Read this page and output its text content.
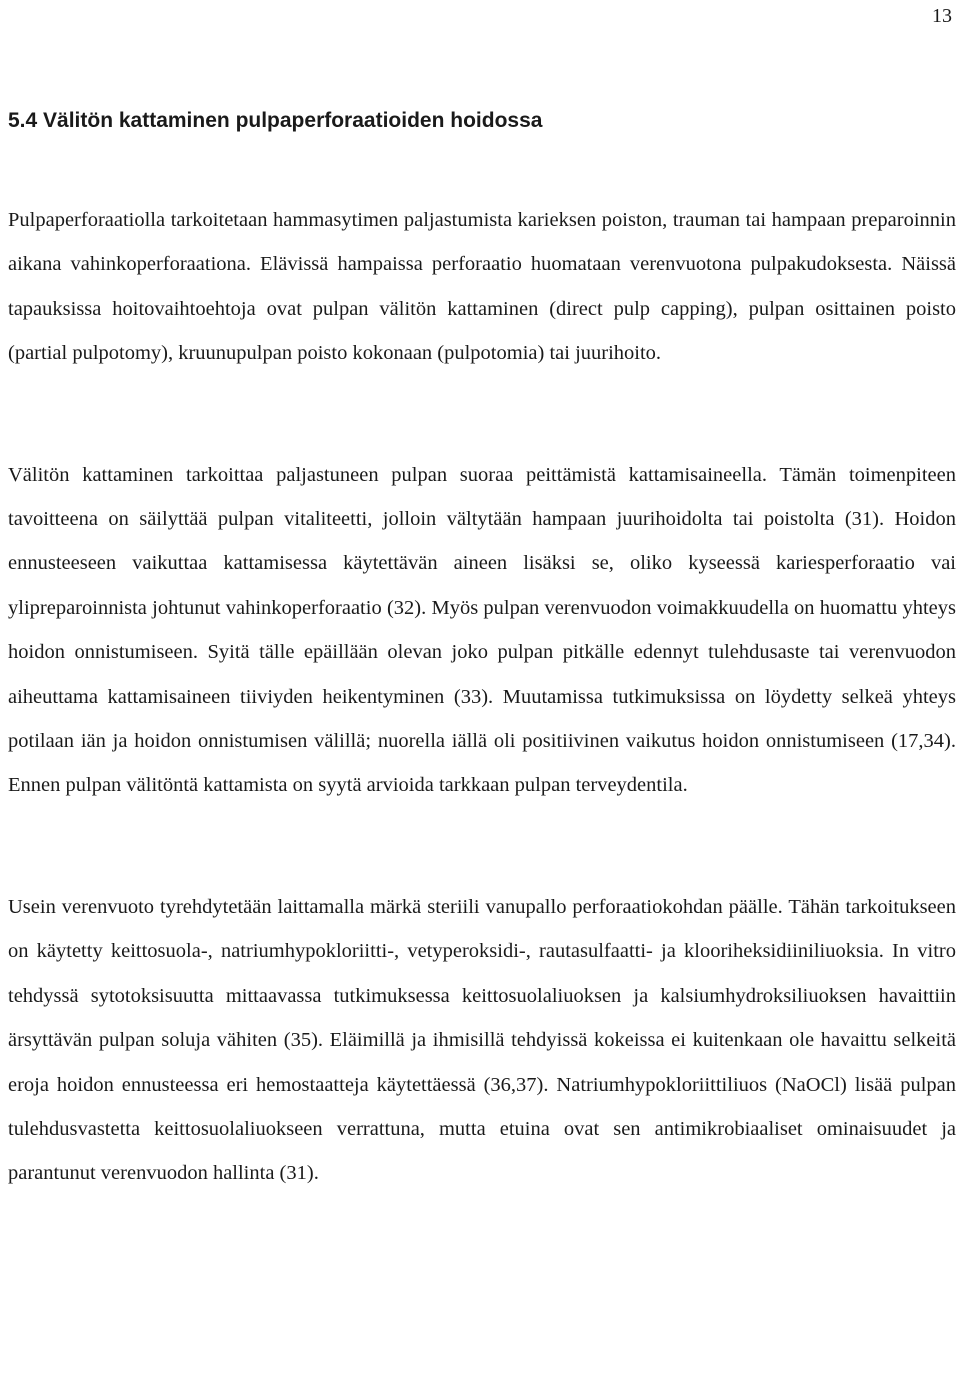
13
5.4 Välitön kattaminen pulpaperforaatioiden hoidossa

Pulpaperforaatiolla tarkoitetaan hammasytimen paljastumista karieksen poiston, trauman tai hampaan preparoinnin aikana vahinkoperforaationa. Elävissä hampaissa perforaatio huomataan verenvuotona pulpakudoksesta. Näissä tapauksissa hoitovaihtoehtoja ovat pulpan välitön kattaminen (direct pulp capping), pulpan osittainen poisto (partial pulpotomy), kruunupulpan poisto kokonaan (pulpotomia) tai juurihoito.

Välitön kattaminen tarkoittaa paljastuneen pulpan suoraa peittämistä kattamisaineella. Tämän toimenpiteen tavoitteena on säilyttää pulpan vitaliteetti, jolloin vältytään hampaan juurihoidolta tai poistolta (31). Hoidon ennusteeseen vaikuttaa kattamisessa käytettävän aineen lisäksi se, oliko kyseessä kariesperforaatio vai ylipreparoinnista johtunut vahinkoperforaatio (32). Myös pulpan verenvuodon voimakkuudella on huomattu yhteys hoidon onnistumiseen. Syitä tälle epäillään olevan joko pulpan pitkälle edennyt tulehdusaste tai verenvuodon aiheuttama kattamisaineen tiiviyden heikentyminen (33). Muutamissa tutkimuksissa on löydetty selkeä yhteys potilaan iän ja hoidon onnistumisen välillä; nuorella iällä oli positiivinen vaikutus hoidon onnistumiseen (17,34). Ennen pulpan välitöntä kattamista on syytä arvioida tarkkaan pulpan terveydentila.

Usein verenvuoto tyrehdytetään laittamalla märkä steriili vanupallo perforaatiokohdan päälle. Tähän tarkoitukseen on käytetty keittosuola-, natriumhypokloriitti-, vetyperoksidi-, rautasulfaatti- ja klooriheksidiiniliuoksia. In vitro tehdyssä sytotoksisuutta mittaavassa tutkimuksessa keittosuolaliuoksen ja kalsiumhydroksiliuoksen havaittiin ärsyttävän pulpan soluja vähiten (35). Eläimillä ja ihmisillä tehdyissä kokeissa ei kuitenkaan ole havaittu selkeitä eroja hoidon ennusteessa eri hemostaatteja käytettäessä (36,37). Natriumhypokloriittiliuos (NaOCl) lisää pulpan tulehdusvastetta keittosuolaliuokseen verrattuna, mutta etuina ovat sen antimikrobiaaliset ominaisuudet ja parantunut verenvuodon hallinta (31).
